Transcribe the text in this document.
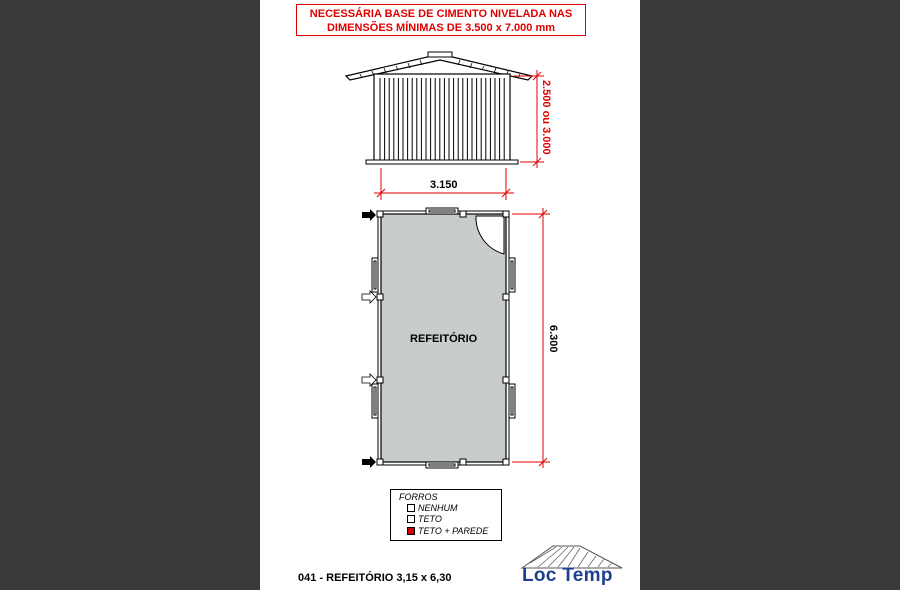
NECESSÁRIA BASE DE CIMENTO NIVELADA NAS
DIMENSÕES MÍNIMAS DE 3.500 x 7.000 mm
2.500 ou 3.000
3.150
REFEITÓRIO	6.300
FORROS
NENHUM
TETO
TETO + PAREDE
041 - REFEITÓRIO 3,15 x 6,30	Loc Temp
